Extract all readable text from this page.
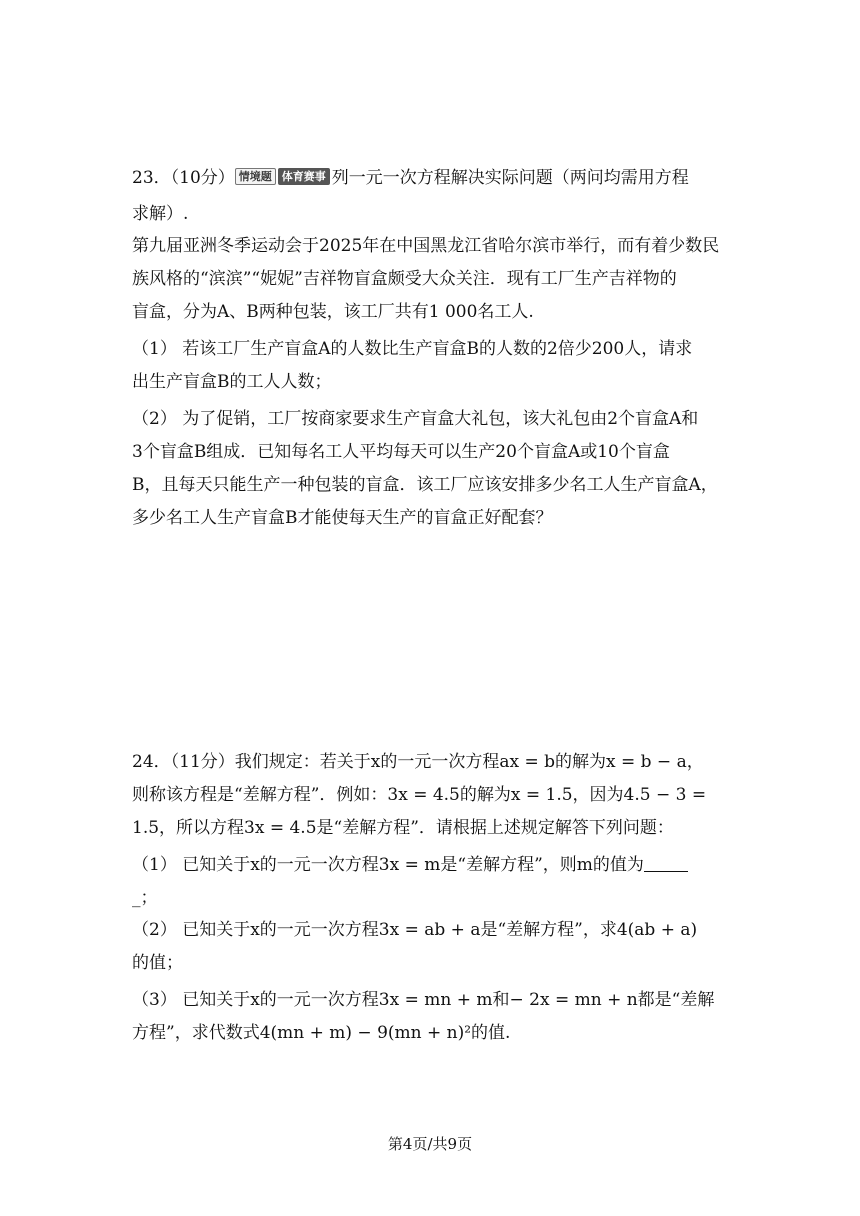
23．（10分） 情境题 体育赛事 列一元一次方程解决实际问题（两问均需用方程
求解）.
第九届亚洲冬季运动会于2025年在中国黑龙江省哈尔滨市举行，而有着少数民
族风格的“滨滨”“妮妮”吉祥物盲盒颇受大众关注．现有工厂生产吉祥物的
盲盒，分为A、B两种包装，该工厂共有1 000名工人.
（1） 若该工厂生产盲盒A的人数比生产盲盒B的人数的2倍少200人，请求
出生产盲盒B的工人人数；
（2） 为了促销，工厂按商家要求生产盲盒大礼包，该大礼包由2个盲盒A和
3个盲盒B组成．已知每名工人平均每天可以生产20个盲盒A或10个盲盒
B，且每天只能生产一种包装的盲盒．该工厂应该安排多少名工人生产盲盒A，
多少名工人生产盲盒B才能使每天生产的盲盒正好配套？
24．（11分）我们规定：若关于x的一元一次方程ax = b的解为x = b − a，
则称该方程是“差解方程”．例如：3x = 4.5的解为x = 1.5，因为4.5 − 3 =
1.5，所以方程3x = 4.5是“差解方程”．请根据上述规定解答下列问题：
（1） 已知关于x的一元一次方程3x = m是“差解方程”，则m的值为
_；
（2） 已知关于x的一元一次方程3x = ab + a是“差解方程”，求4(ab + a)
的值；
（3） 已知关于x的一元一次方程3x = mn + m和− 2x = mn + n都是“差解
方程”，求代数式4(mn + m) − 9(mn + n)²的值.
第4页/共9页
